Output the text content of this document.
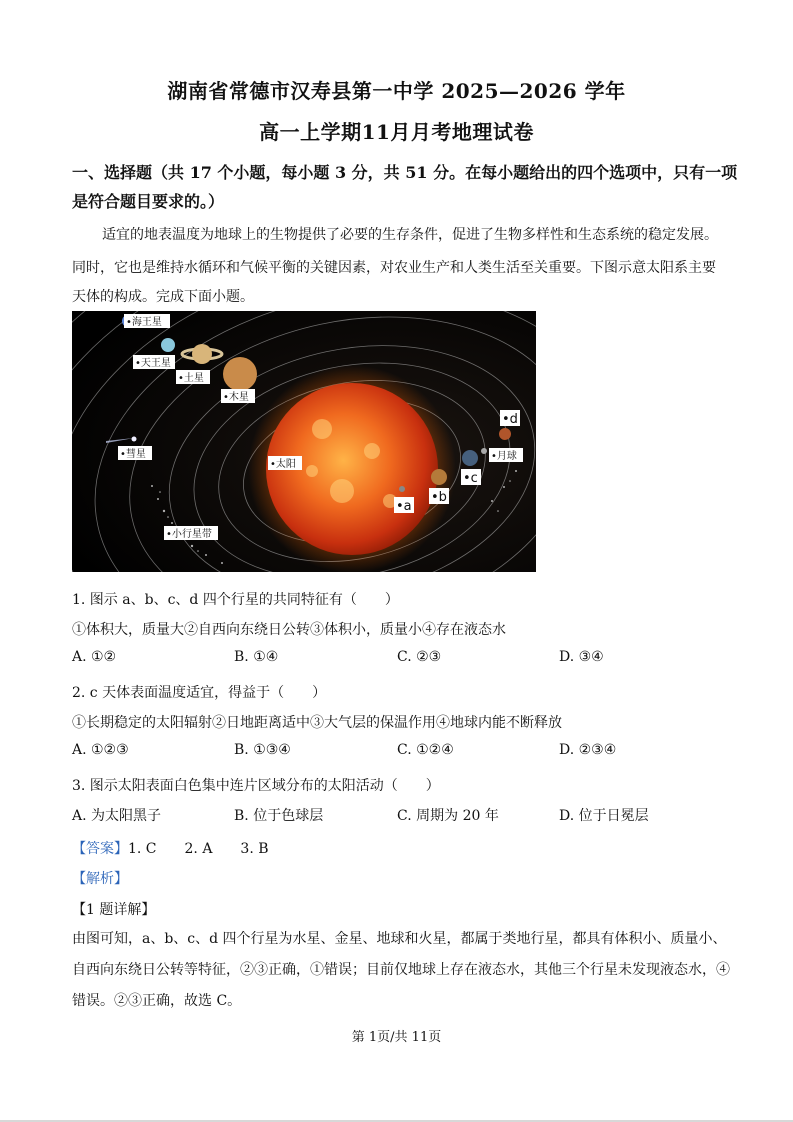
湖南省常德市汉寿县第一中学 2025—2026 学年
高一上学期11月月考地理试卷
一、选择题（共 17 个小题，每小题 3 分，共 51 分。在每小题给出的四个选项中，只有一项
是符合题目要求的。）
适宜的地表温度为地球上的生物提供了必要的生存条件，促进了生物多样性和生态系统的稳定发展。
同时，它也是维持水循环和气候平衡的关键因素，对农业生产和人类生活至关重要。下图示意太阳系主要
天体的构成。完成下面小题。
•海王星
•天王星
•土星
•木星
•彗星
•太阳
•小行星带
•月球
•a
•b
•c
•d
1. 图示 a、b、c、d 四个行星的共同特征有（　　）
①体积大，质量大②自西向东绕日公转③体积小，质量小④存在液态水
A. ①②	B. ①④	C. ②③	D. ③④
2. c 天体表面温度适宜，得益于（　　）
①长期稳定的太阳辐射②日地距离适中③大气层的保温作用④地球内能不断释放
A. ①②③	B. ①③④	C. ①②④	D. ②③④
3. 图示太阳表面白色集中连片区域分布的太阳活动（　　）
A. 为太阳黑子	B. 位于色球层	C. 周期为 20 年	D. 位于日冕层
【答案】1. C　　2. A　　3. B
【解析】
【1 题详解】
由图可知，a、b、c、d 四个行星为水星、金星、地球和火星，都属于类地行星，都具有体积小、质量小、
自西向东绕日公转等特征，②③正确，①错误；目前仅地球上存在液态水，其他三个行星未发现液态水，④
错误。②③正确，故选 C。
第 1页/共 11页
